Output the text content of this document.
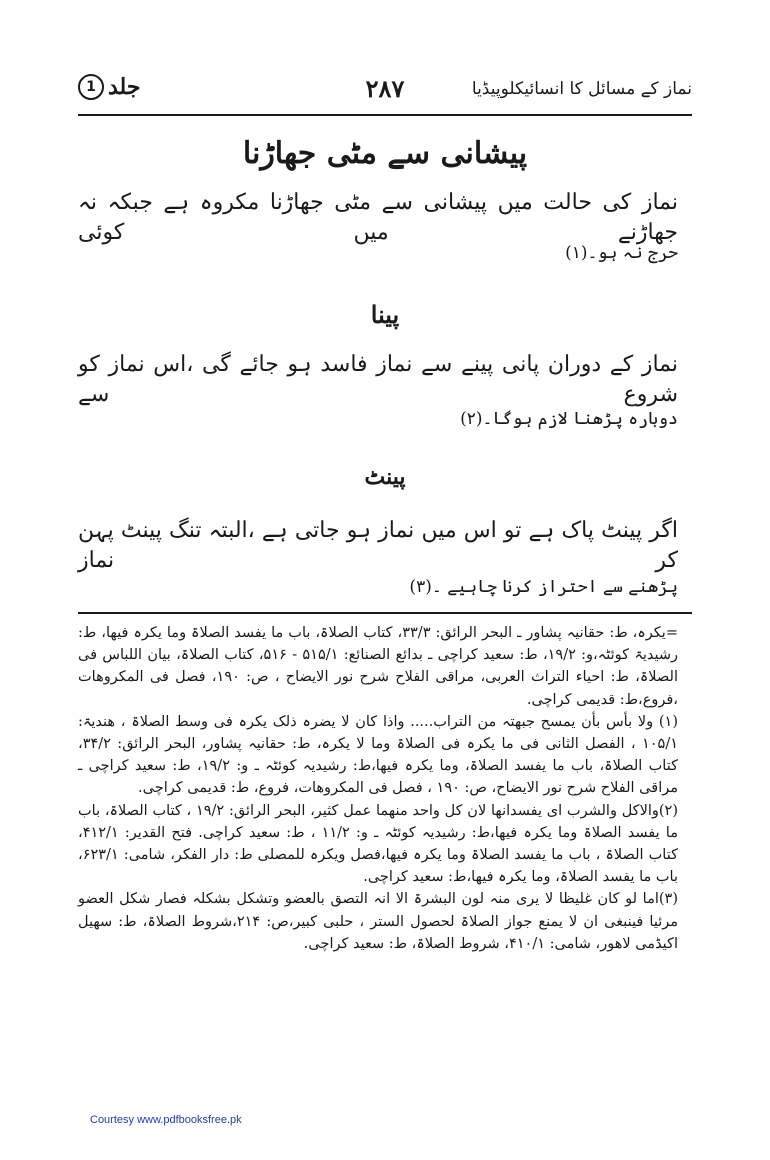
نماز کے مسائل کا انسائیکلوپیڈیا
۲۸۷
1 جلد
پیشانی سے مٹی جھاڑنا
نماز کی حالت میں پیشانی سے مٹی جھاڑنا مکروہ ہے جبکہ نہ جھاڑنے میں کوئی
حرج نہ ہو۔(۱)
پینا
نماز کے دوران پانی پینے سے نماز فاسد ہو جائے گی ،اس نماز کو شروع سے
دوبارہ پڑھنا لازم ہوگا۔(۲)
پینٹ
اگر پینٹ پاک ہے تو اس میں نماز ہو جاتی ہے ،البتہ تنگ پینٹ پہن کر نماز
پڑھنے سے احتراز کرنا چاہیے ۔(۳)

=یکرہ، ط: حقانیہ پشاور ـ البحر الرائق: ۳۳/۳، کتاب الصلاۃ، باب ما یفسد الصلاۃ وما یکرہ فیھا، ط: رشیدیۃ کوئٹہ،و: ۱۹/۲، ط: سعید کراچی ـ بدائع الصنائع: ۵۱۵/۱ - ۵۱۶، کتاب الصلاۃ، بیان اللباس فی الصلاۃ، ط: احیاء التراث العربی، مراقی الفلاح شرح نور الایضاح ، ص: ۱۹۰، فصل فی المکروھات ،فروع،ط: قدیمی کراچی.

(۱) ولا بأس بأن یمسح جبھتہ من التراب..... واذا کان لا یضرہ ذلک یکرہ فی وسط الصلاۃ ، ھندیۃ: ۱۰۵/۱ ، الفصل الثانی فی ما یکرہ فی الصلاۃ وما لا یکرہ، ط: حقانیہ پشاور، البحر الرائق: ۳۴/۲، کتاب الصلاۃ، باب ما یفسد الصلاۃ، وما یکرہ فیھا،ط: رشیدیہ کوئٹہ ـ و: ۱۹/۲، ط: سعید کراچی ـ مراقی الفلاح شرح نور الایضاح، ص: ۱۹۰ ، فصل فی المکروھات، فروع، ط: قدیمی کراچی.

(۲)والاکل والشرب ای یفسدانھا لان کل واحد منھما عمل کثیر، البحر الرائق: ۱۹/۲ ، کتاب الصلاۃ، باب ما یفسد الصلاۃ وما یکرہ فیھا،ط: رشیدیہ کوئٹہ ـ و: ۱۱/۲ ، ط: سعید کراچی. فتح القدیر: ۴۱۲/۱، کتاب الصلاۃ ، باب ما یفسد الصلاۃ وما یکرہ فیھا،فصل ویکرہ للمصلی ط: دار الفکر، شامی: ۶۲۳/۱، باب ما یفسد الصلاۃ، وما یکرہ فیھا،ط: سعید کراچی.

(۳)اما لو کان غلیظا لا یری منہ لون البشرۃ الا انہ التصق بالعضو وتشکل بشکلہ فصار شکل العضو مرئیا فینبغی ان لا یمنع جواز الصلاۃ لحصول الستر ، حلبی کبیر،ص: ۲۱۴،شروط الصلاۃ، ط: سھیل اکیڈمی لاھور، شامی: ۴۱۰/۱، شروط الصلاۃ، ط: سعید کراچی.

Courtesy www.pdfbooksfree.pk
